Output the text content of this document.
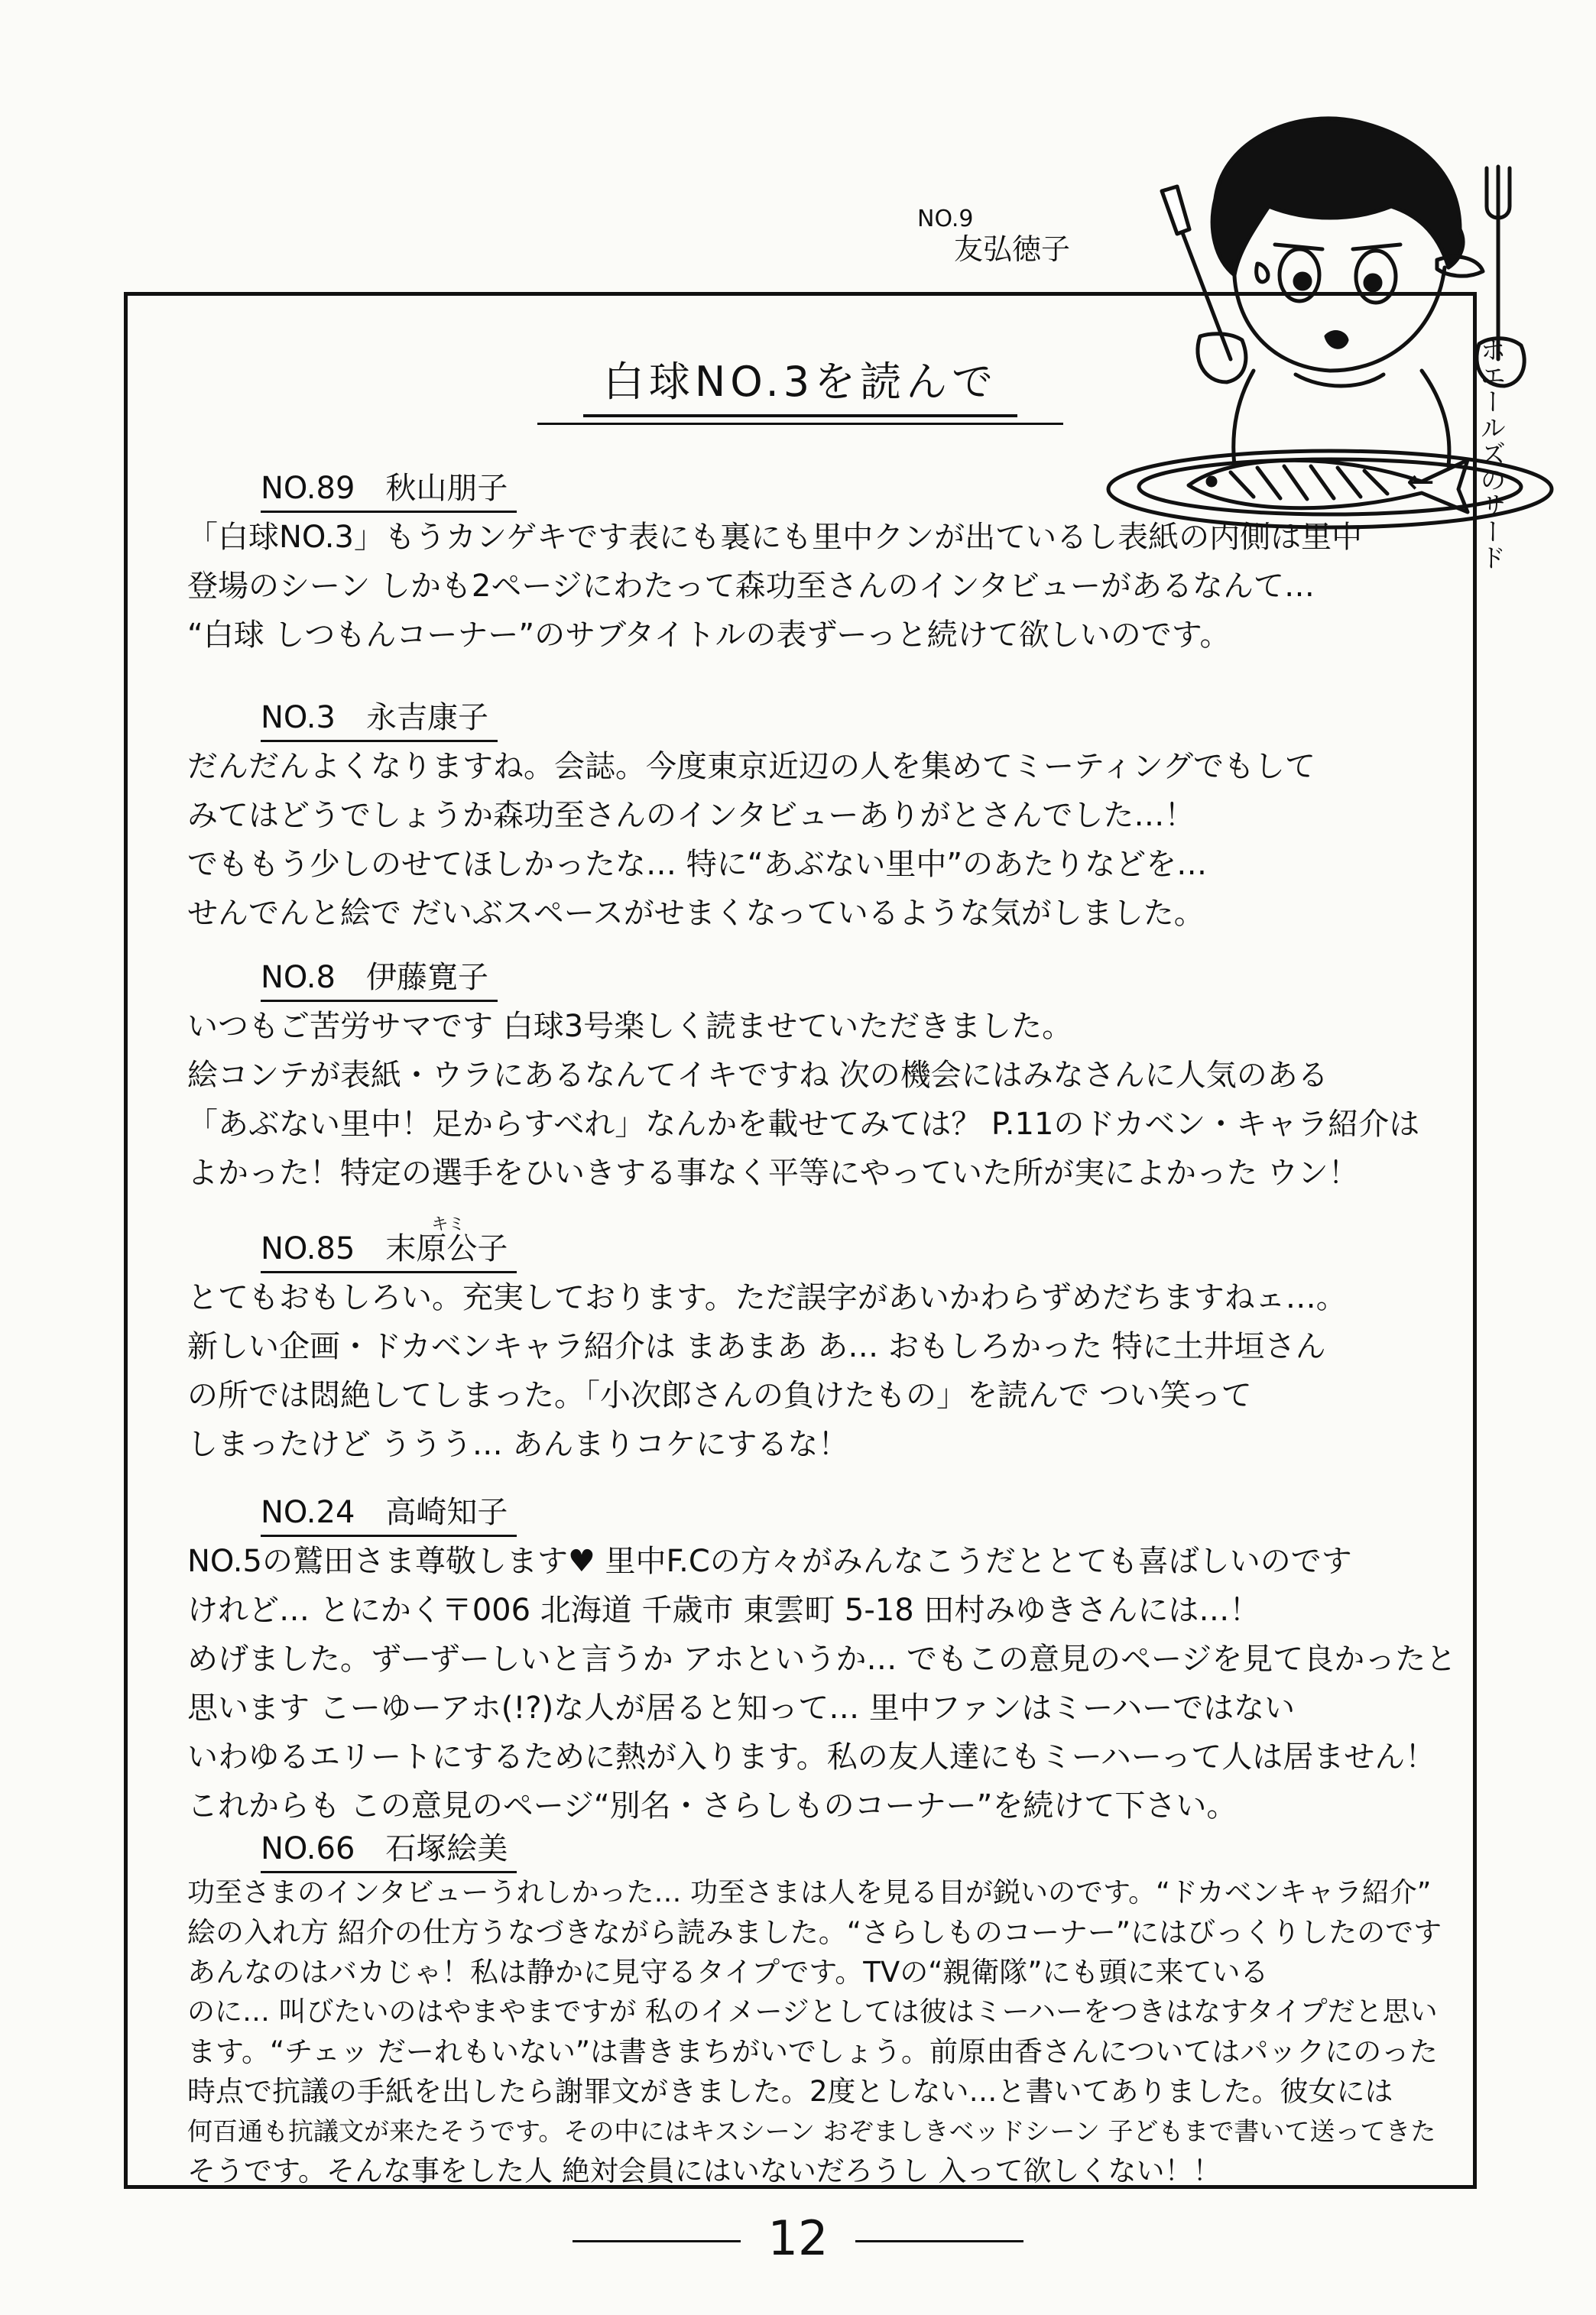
NO.9
友弘徳子
ホエールズのサード
←
白球NO.3を読んで
NO.89 秋山朋子
「白球NO.3」もうカンゲキです表にも裏にも里中クンが出ているし表紙の内側は里中
登場のシーン しかも2ページにわたって森功至さんのインタビューがあるなんて…
“白球 しつもんコーナー”のサブタイトルの表ずーっと続けて欲しいのです。
NO.3 永吉康子
だんだんよくなりますね。会誌。今度東京近辺の人を集めてミーティングでもして
みてはどうでしょうか森功至さんのインタビューありがとさんでした…！
でももう少しのせてほしかったな… 特に“あぶない里中”のあたりなどを…
せんでんと絵で だいぶスペースがせまくなっているような気がしました。
NO.8 伊藤寛子
いつもご苦労サマです 白球3号楽しく読ませていただきました。
絵コンテが表紙・ウラにあるなんてイキですね 次の機会にはみなさんに人気のある
「あぶない里中！足からすべれ」なんかを載せてみては？ P.11のドカベン・キャラ紹介は
よかった！特定の選手をひいきする事なく平等にやっていた所が実によかった ウン！
NO.85
キミ
末原公子
とてもおもしろい。充実しております。ただ誤字があいかわらずめだちますねェ…。
新しい企画・ドカベンキャラ紹介は まあまあ あ… おもしろかった 特に土井垣さん
の所では悶絶してしまった。「小次郎さんの負けたもの」を読んで つい笑って
しまったけど ううう… あんまりコケにするな！
NO.24 高崎知子
NO.5の鷲田さま尊敬します♥ 里中F.Cの方々がみんなこうだととても喜ばしいのです
けれど… とにかく〒006 北海道 千歳市 東雲町 5-18 田村みゆきさんには…！
めげました。ずーずーしいと言うか アホというか… でもこの意見のページを見て良かったと
思います こーゆーアホ(!?)な人が居ると知って… 里中ファンはミーハーではない
いわゆるエリートにするために熱が入ります。私の友人達にもミーハーって人は居ません！
これからも この意見のページ“別名・さらしものコーナー”を続けて下さい。
NO.66 石塚絵美
功至さまのインタビューうれしかった… 功至さまは人を見る目が鋭いのです。“ドカベンキャラ紹介”
絵の入れ方 紹介の仕方うなづきながら読みました。“さらしものコーナー”にはびっくりしたのです
あんなのはバカじゃ！私は静かに見守るタイプです。TVの“親衛隊”にも頭に来ている
のに… 叫びたいのはやまやまですが 私のイメージとしては彼はミーハーをつきはなすタイプだと思い
ます。“チェッ だーれもいない”は書きまちがいでしょう。前原由香さんについてはパックにのった
時点で抗議の手紙を出したら謝罪文がきました。2度としない…と書いてありました。彼女には
何百通も抗議文が来たそうです。その中にはキスシーン おぞましきベッドシーン 子どもまで書いて送ってきた
そうです。そんな事をした人 絶対会員にはいないだろうし 入って欲しくない！！
12
